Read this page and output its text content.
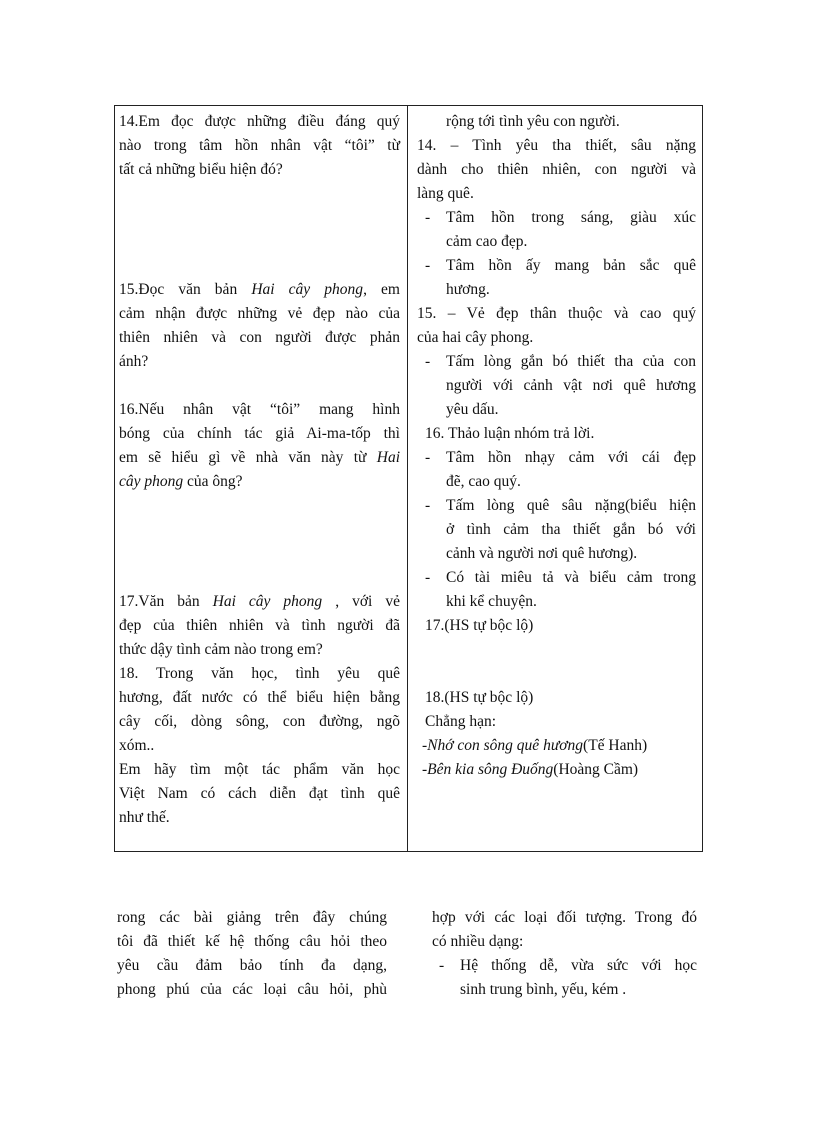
14.Em đọc được những điều đáng quý
nào trong tâm hồn nhân vật “tôi” từ
tất cả những biểu hiện đó?
15.Đọc văn bản Hai cây phong, em
cảm nhận được những vẻ đẹp nào của
thiên nhiên và con người được phản
ánh?
16.Nếu nhân vật “tôi” mang hình
bóng của chính tác giả Ai-ma-tốp thì
em sẽ hiểu gì về nhà văn này từ Hai
cây phong của ông?
17.Văn bản Hai cây phong , với vẻ
đẹp của thiên nhiên và tình người đã
thức dậy tình cảm nào trong em?
18. Trong văn học, tình yêu quê
hương, đất nước có thể biểu hiện bằng
cây cối, dòng sông, con đường, ngõ
xóm..
Em hãy tìm một tác phẩm văn học
Việt Nam có cách diễn đạt tình quê
như thế.
rộng tới tình yêu con người.
14. – Tình yêu tha thiết, sâu nặng
dành cho thiên nhiên, con người và
làng quê.
- Tâm hồn trong sáng, giàu xúc
cảm cao đẹp.
- Tâm hồn ấy mang bản sắc quê
hương.
15. – Vẻ đẹp thân thuộc và cao quý
của hai cây phong.
- Tấm lòng gắn bó thiết tha của con
người với cảnh vật nơi quê hương
yêu dấu.
16. Thảo luận nhóm trả lời.
- Tâm hồn nhạy cảm với cái đẹp
đẽ, cao quý.
- Tấm lòng quê sâu nặng(biểu hiện
ở tình cảm tha thiết gắn bó với
cảnh và người nơi quê hương).
- Có tài miêu tả và biểu cảm trong
khi kể chuyện.
17.(HS tự bộc lộ)
18.(HS tự bộc lộ)
Chẳng hạn:
-Nhớ con sông quê hương(Tế Hanh)
-Bên kia sông Đuống(Hoàng Cầm)
rong các bài giảng trên đây chúng
tôi đã thiết kế hệ thống câu hỏi theo
yêu cầu đảm bảo tính đa dạng,
phong phú của các loại câu hỏi, phù
hợp với các loại đối tượng. Trong đó
có nhiều dạng:
- Hệ thống dễ, vừa sức với học
sinh trung bình, yếu, kém .
